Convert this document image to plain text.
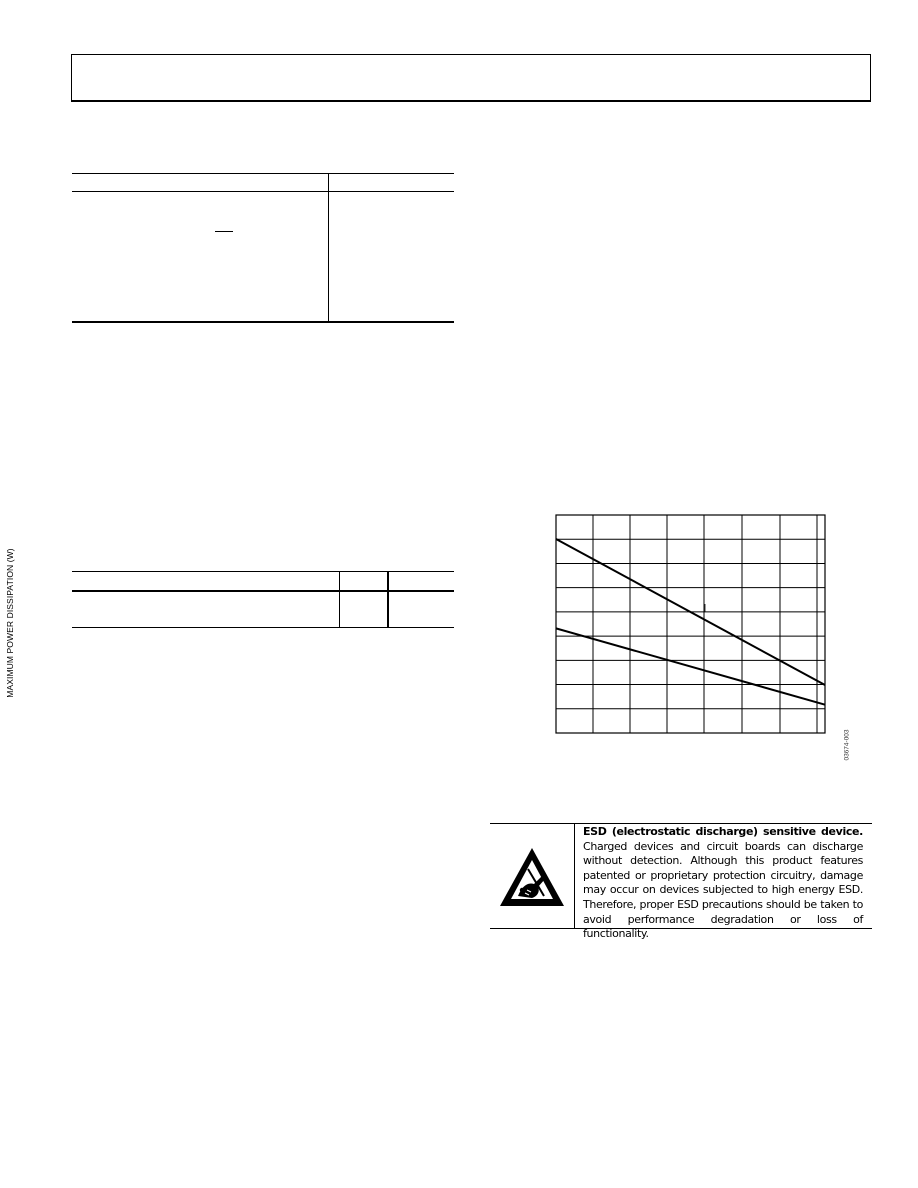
MAXIMUM POWER DISSIPATION (W)
03674-003
ESD (electrostatic discharge) sensitive device. Charged devices and circuit boards can discharge without detection. Although this product features patented or proprietary protection circuitry, damage may occur on devices subjected to high energy ESD. Therefore, proper ESD precautions should be taken to avoid performance degradation or loss of functionality.
